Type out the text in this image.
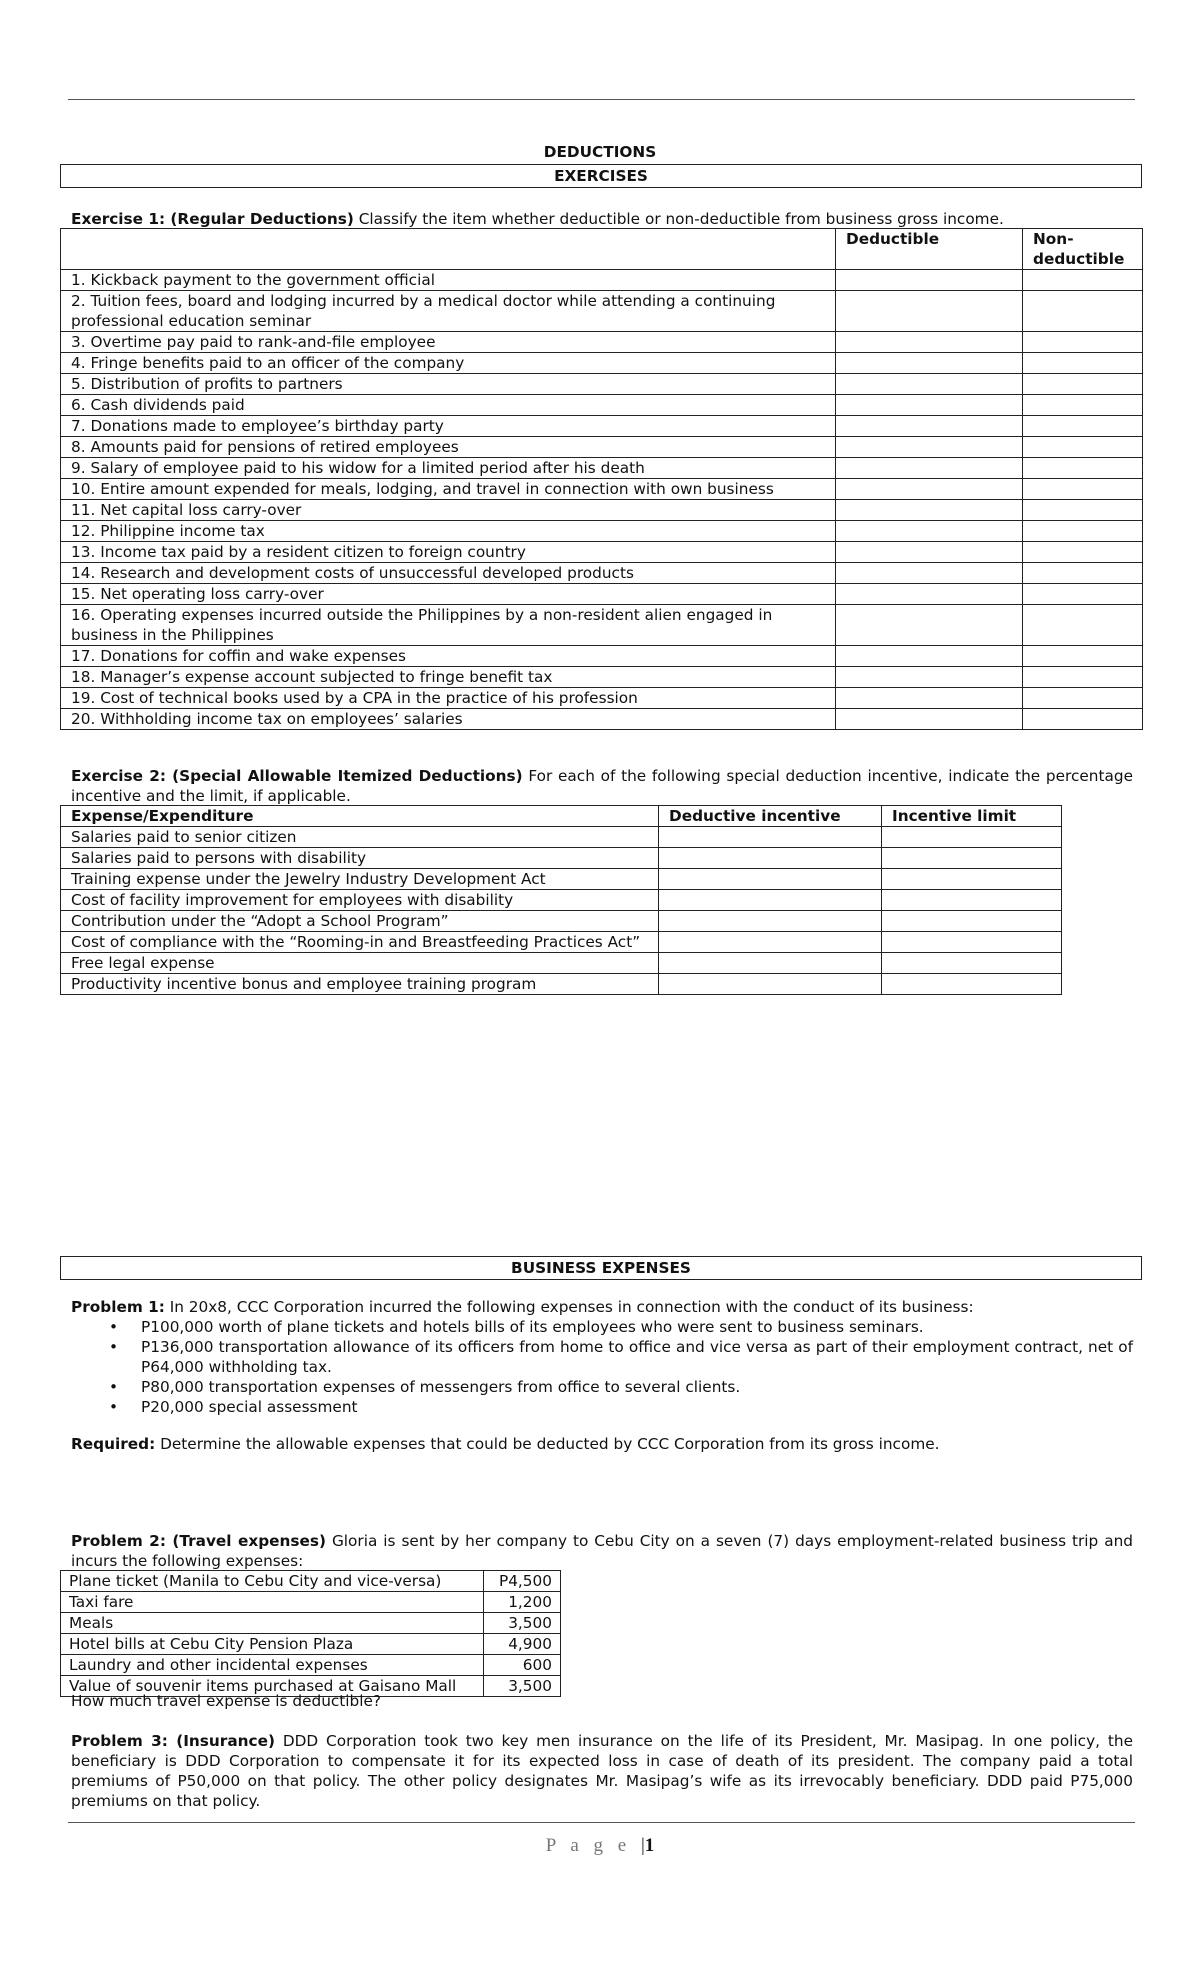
DEDUCTIONS
EXERCISES
Exercise 1: (Regular Deductions) Classify the item whether deductible or non-deductible from business gross income.
	Deductible	Non-deductible
1. Kickback payment to the government official		
2. Tuition fees, board and lodging incurred by a medical doctor while attending a continuing professional education seminar		
3. Overtime pay paid to rank-and-file employee		
4. Fringe benefits paid to an officer of the company		
5. Distribution of profits to partners		
6. Cash dividends paid		
7. Donations made to employee’s birthday party		
8. Amounts paid for pensions of retired employees		
9. Salary of employee paid to his widow for a limited period after his death		
10. Entire amount expended for meals, lodging, and travel in connection with own business		
11. Net capital loss carry-over		
12. Philippine income tax		
13. Income tax paid by a resident citizen to foreign country		
14. Research and development costs of unsuccessful developed products		
15. Net operating loss carry-over		
16. Operating expenses incurred outside the Philippines by a non-resident alien engaged in business in the Philippines		
17. Donations for coffin and wake expenses		
18. Manager’s expense account subjected to fringe benefit tax		
19. Cost of technical books used by a CPA in the practice of his profession		
20. Withholding income tax on employees’ salaries		
Exercise 2: (Special Allowable Itemized Deductions) For each of the following special deduction incentive, indicate the percentage incentive and the limit, if applicable.
Expense/Expenditure	Deductive incentive	Incentive limit
Salaries paid to senior citizen		
Salaries paid to persons with disability		
Training expense under the Jewelry Industry Development Act		
Cost of facility improvement for employees with disability		
Contribution under the “Adopt a School Program”		
Cost of compliance with the “Rooming-in and Breastfeeding Practices Act”		
Free legal expense		
Productivity incentive bonus and employee training program		
BUSINESS EXPENSES
Problem 1: In 20x8, CCC Corporation incurred the following expenses in connection with the conduct of its business:
• P100,000 worth of plane tickets and hotels bills of its employees who were sent to business seminars.
• P136,000 transportation allowance of its officers from home to office and vice versa as part of their employment contract, net of P64,000 withholding tax.
• P80,000 transportation expenses of messengers from office to several clients.
• P20,000 special assessment
Required: Determine the allowable expenses that could be deducted by CCC Corporation from its gross income.
Problem 2: (Travel expenses) Gloria is sent by her company to Cebu City on a seven (7) days employment-related business trip and incurs the following expenses:
Plane ticket (Manila to Cebu City and vice-versa)	P4,500
Taxi fare	1,200
Meals	3,500
Hotel bills at Cebu City Pension Plaza	4,900
Laundry and other incidental expenses	600
Value of souvenir items purchased at Gaisano Mall	3,500
How much travel expense is deductible?
Problem 3: (Insurance) DDD Corporation took two key men insurance on the life of its President, Mr. Masipag. In one policy, the beneficiary is DDD Corporation to compensate it for its expected loss in case of death of its president. The company paid a total premiums of P50,000 on that policy. The other policy designates Mr. Masipag’s wife as its irrevocably beneficiary. DDD paid P75,000 premiums on that policy.
P a g e |1
